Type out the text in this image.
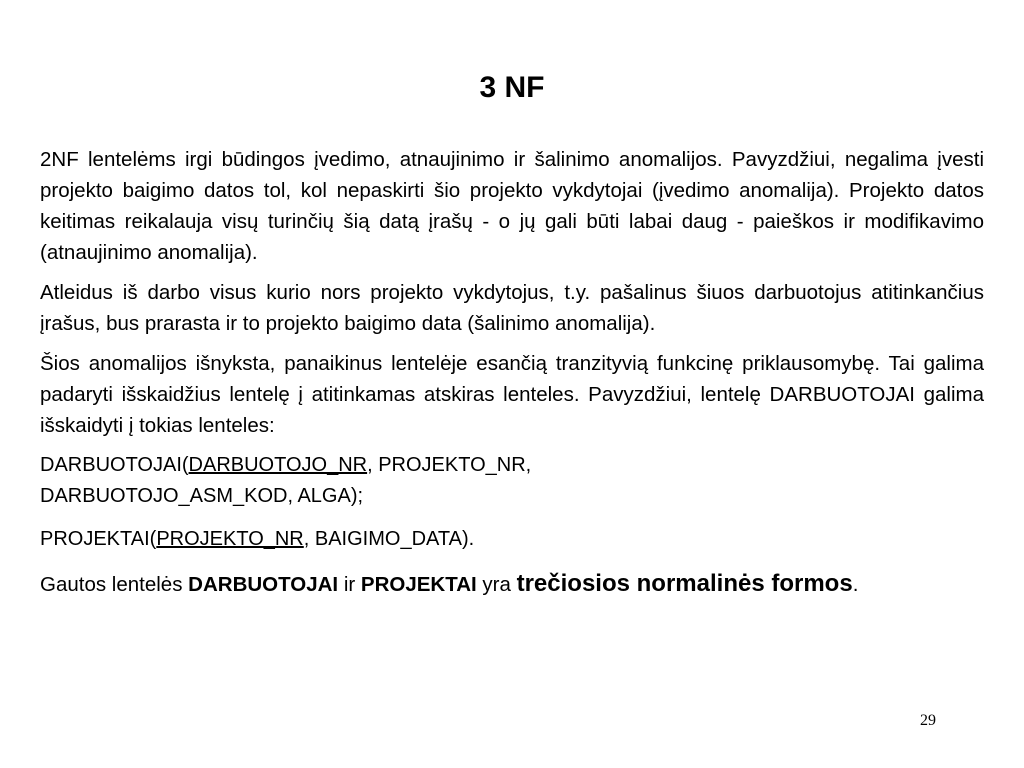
3 NF

2NF lentelėms irgi būdingos įvedimo, atnaujinimo ir šalinimo anomalijos. Pavyzdžiui, negalima įvesti projekto baigimo datos tol, kol nepaskirti šio projekto vykdytojai (įvedimo anomalija). Projekto datos keitimas reikalauja visų turinčių šią datą įrašų - o jų gali būti labai daug - paieškos ir modifikavimo (atnaujinimo anomalija).

Atleidus iš darbo visus kurio nors projekto vykdytojus, t.y. pašalinus šiuos darbuotojus atitinkančius įrašus, bus prarasta ir to projekto baigimo data (šalinimo anomalija).

Šios anomalijos išnyksta, panaikinus lentelėje esančią tranzityvią funkcinę priklausomybę. Tai galima padaryti išskaidžius lentelę į atitinkamas atskiras lenteles. Pavyzdžiui, lentelę DARBUOTOJAI galima išskaidyti į tokias lenteles:

DARBUOTOJAI(DARBUOTOJO_NR, PROJEKTO_NR,
DARBUOTOJO_ASM_KOD, ALGA);

PROJEKTAI(PROJEKTO_NR, BAIGIMO_DATA).

Gautos lentelės DARBUOTOJAI ir PROJEKTAI yra trečiosios normalinės formos.

29
